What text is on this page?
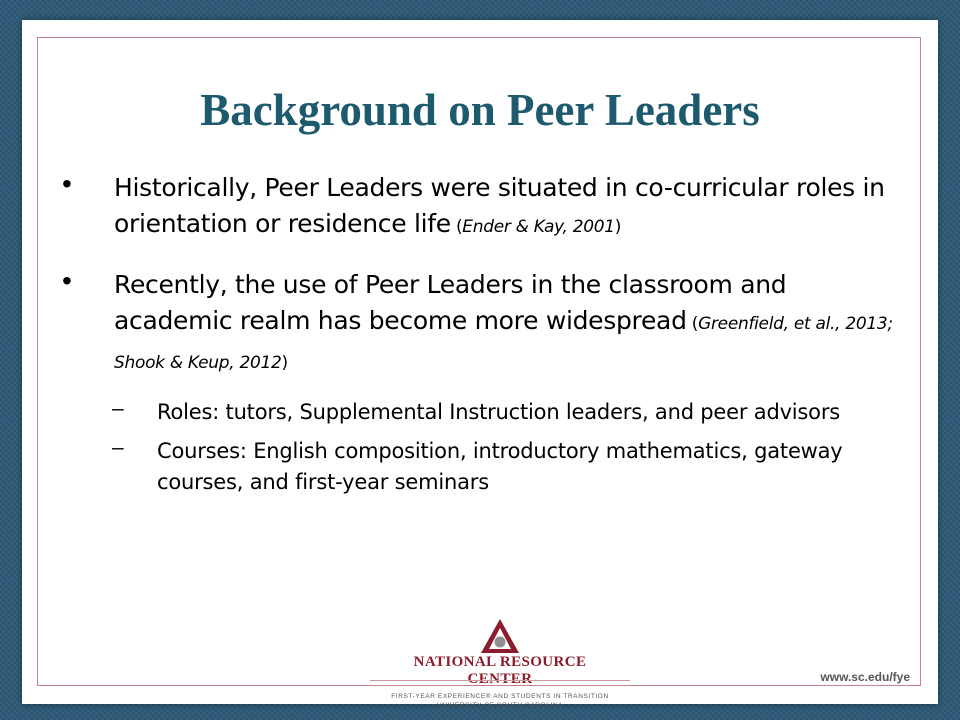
Background on Peer Leaders
• Historically, Peer Leaders were situated in co-curricular roles in orientation or residence life (Ender & Kay, 2001)
• Recently, the use of Peer Leaders in the classroom and academic realm has become more widespread (Greenfield, et al., 2013; Shook & Keup, 2012)
– Roles: tutors, Supplemental Instruction leaders, and peer advisors
– Courses: English composition, introductory mathematics, gateway courses, and first-year seminars
NATIONAL RESOURCE CENTER
FIRST-YEAR EXPERIENCE® AND STUDENTS IN TRANSITION
UNIVERSITY OF SOUTH CAROLINA
www.sc.edu/fye
